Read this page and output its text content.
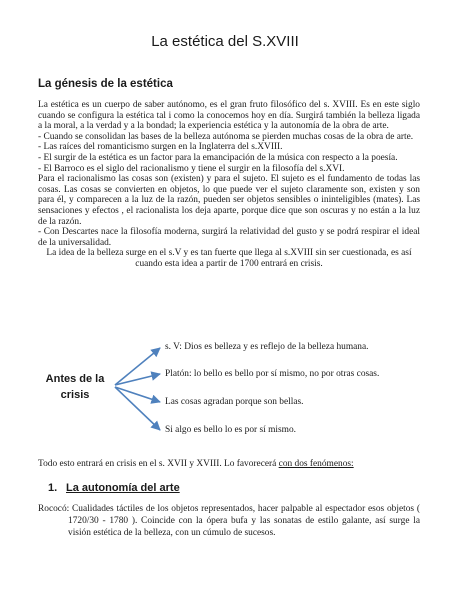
La estética del S.XVIII
La génesis de la estética

La estética es un cuerpo de saber autónomo, es el gran fruto filosófico del s. XVIII. Es en este siglo cuando se configura la estética tal i como la conocemos hoy en día. Surgirá también la belleza ligada a la moral, a la verdad y a la bondad; la experiencia estética y la autonomía de la obra de arte.

- Cuando se consolidan las bases de la belleza autónoma se pierden muchas cosas de la obra de arte.

- Las raíces del romanticismo surgen en la Inglaterra del s.XVIII.

- El surgir de la estética es un factor para la emancipación de la música con respecto a la poesía.

- El Barroco es el siglo del racionalismo y tiene el surgir en la filosofía del s.XVI.

Para el racionalismo las cosas son (existen) y para el sujeto. El sujeto es el fundamento de todas las cosas. Las cosas se convierten en objetos, lo que puede ver el sujeto claramente son, existen y son para él, y comparecen a la luz de la razón, pueden ser objetos sensibles o ininteligibles (mates). Las sensaciones y efectos , el racionalista los deja aparte, porque dice que son oscuras y no están a la luz de la razón.

- Con Descartes nace la filosofía moderna, surgirá la relatividad del gusto y se podrá respirar el ideal de la universalidad.

La idea de la belleza surge en el s.V y es tan fuerte que llega al s.XVIII sin ser cuestionada, es así cuando esta idea a partir de 1700 entrará en crisis.

Antes de la crisis
s. V: Dios es belleza y es reflejo de la belleza humana.
Platón: lo bello es bello por sí mismo, no por otras cosas.
Las cosas agradan porque son bellas.
Si algo es bello lo es por sí mismo.
Todo esto entrará en crisis en el s. XVII y XVIII. Lo favorecerá con dos fenómenos:
1. La autonomía del arte

Rococó: Cualidades táctiles de los objetos representados, hacer palpable al espectador esos objetos ( 1720/30 - 1780 ). Coincide con la ópera bufa y las sonatas de estilo galante, así surge la visión estética de la belleza, con un cúmulo de sucesos.
